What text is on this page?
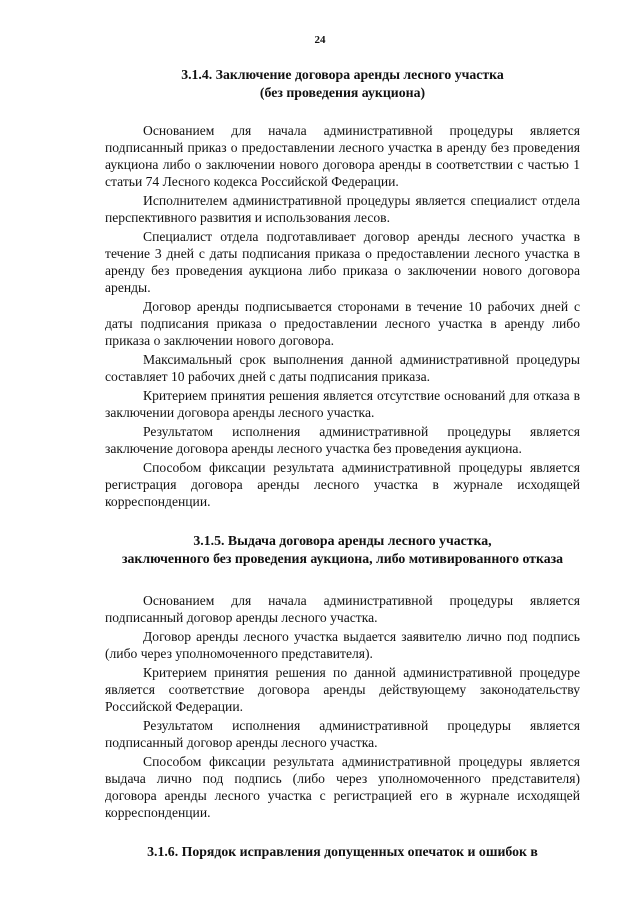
24
3.1.4. Заключение договора аренды лесного участка
(без проведения аукциона)

Основанием для начала административной процедуры является подписанный приказ о предоставлении лесного участка в аренду без проведения аукциона либо о заключении нового договора аренды в соответствии с частью 1 статьи 74 Лесного кодекса Российской Федерации.

Исполнителем административной процедуры является специалист отдела перспективного развития и использования лесов.

Специалист отдела подготавливает договор аренды лесного участка в течение 3 дней с даты подписания приказа о предоставлении лесного участка в аренду без проведения аукциона либо приказа о заключении нового договора аренды.

Договор аренды подписывается сторонами в течение 10 рабочих дней с даты подписания приказа о предоставлении лесного участка в аренду либо приказа о заключении нового договора.

Максимальный срок выполнения данной административной процедуры составляет 10 рабочих дней с даты подписания приказа.

Критерием принятия решения является отсутствие оснований для отказа в заключении договора аренды лесного участка.

Результатом исполнения административной процедуры является заключение договора аренды лесного участка без проведения аукциона.

Способом фиксации результата административной процедуры является регистрация договора аренды лесного участка в журнале исходящей корреспонденции.

3.1.5. Выдача договора аренды лесного участка,
заключенного без проведения аукциона, либо мотивированного отказа

Основанием для начала административной процедуры является подписанный договор аренды лесного участка.

Договор аренды лесного участка выдается заявителю лично под подпись (либо через уполномоченного представителя).

Критерием принятия решения по данной административной процедуре является соответствие договора аренды действующему законодательству Российской Федерации.

Результатом исполнения административной процедуры является подписанный договор аренды лесного участка.

Способом фиксации результата административной процедуры является выдача лично под подпись (либо через уполномоченного представителя) договора аренды лесного участка с регистрацией его в журнале исходящей корреспонденции.

3.1.6. Порядок исправления допущенных опечаток и ошибок в
